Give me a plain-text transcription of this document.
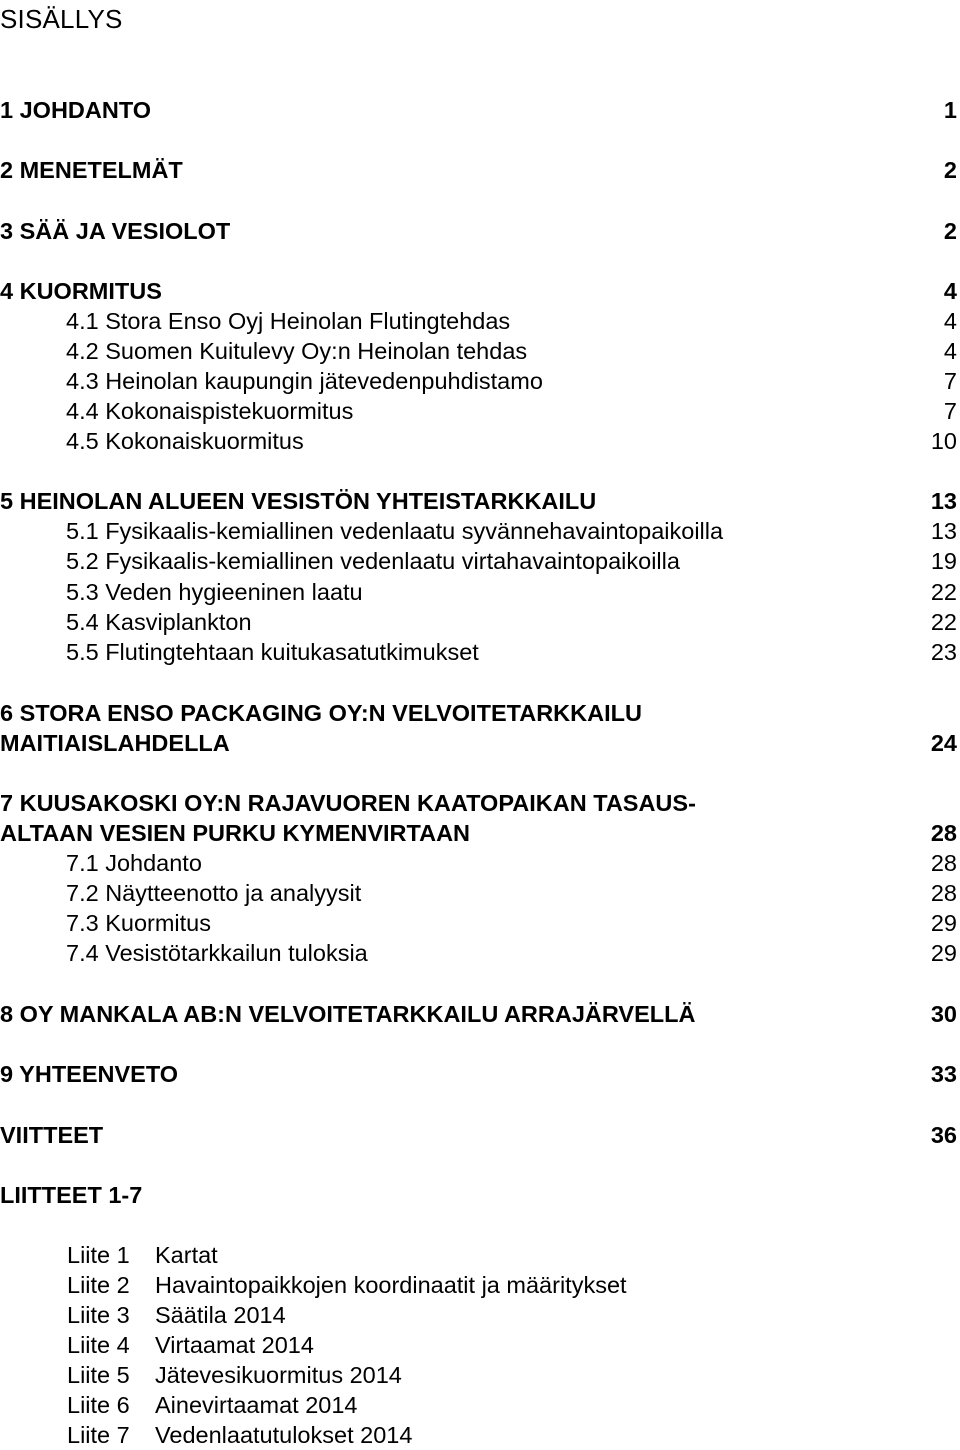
SISÄLLYS
1 JOHDANTO	1
2 MENETELMÄT	2
3 SÄÄ JA VESIOLOT	2
4 KUORMITUS	4
4.1 Stora Enso Oyj Heinolan Flutingtehdas	4
4.2 Suomen Kuitulevy Oy:n Heinolan tehdas	4
4.3 Heinolan kaupungin jätevedenpuhdistamo	7
4.4 Kokonaispistekuormitus	7
4.5 Kokonaiskuormitus	10
5 HEINOLAN ALUEEN VESISTÖN YHTEISTARKKAILU	13
5.1 Fysikaalis-kemiallinen vedenlaatu syvännehavaintopaikoilla	13
5.2 Fysikaalis-kemiallinen vedenlaatu virtahavaintopaikoilla	19
5.3 Veden hygieeninen laatu	22
5.4 Kasviplankton	22
5.5 Flutingtehtaan kuitukasatutkimukset	23
6 STORA ENSO PACKAGING OY:N VELVOITETARKKAILU
MAITIAISLAHDELLA	24
7 KUUSAKOSKI OY:N RAJAVUOREN KAATOPAIKAN TASAUS-
ALTAAN VESIEN PURKU KYMENVIRTAAN	28
7.1 Johdanto	28
7.2 Näytteenotto ja analyysit	28
7.3 Kuormitus	29
7.4 Vesistötarkkailun tuloksia	29
8 OY MANKALA AB:N VELVOITETARKKAILU ARRAJÄRVELLÄ	30
9 YHTEENVETO	33
VIITTEET	36
LIITTEET 1-7
Liite 1 Kartat
Liite 2 Havaintopaikkojen koordinaatit ja määritykset
Liite 3 Säätila 2014
Liite 4 Virtaamat 2014
Liite 5 Jätevesikuormitus 2014
Liite 6 Ainevirtaamat 2014
Liite 7 Vedenlaatutulokset 2014
